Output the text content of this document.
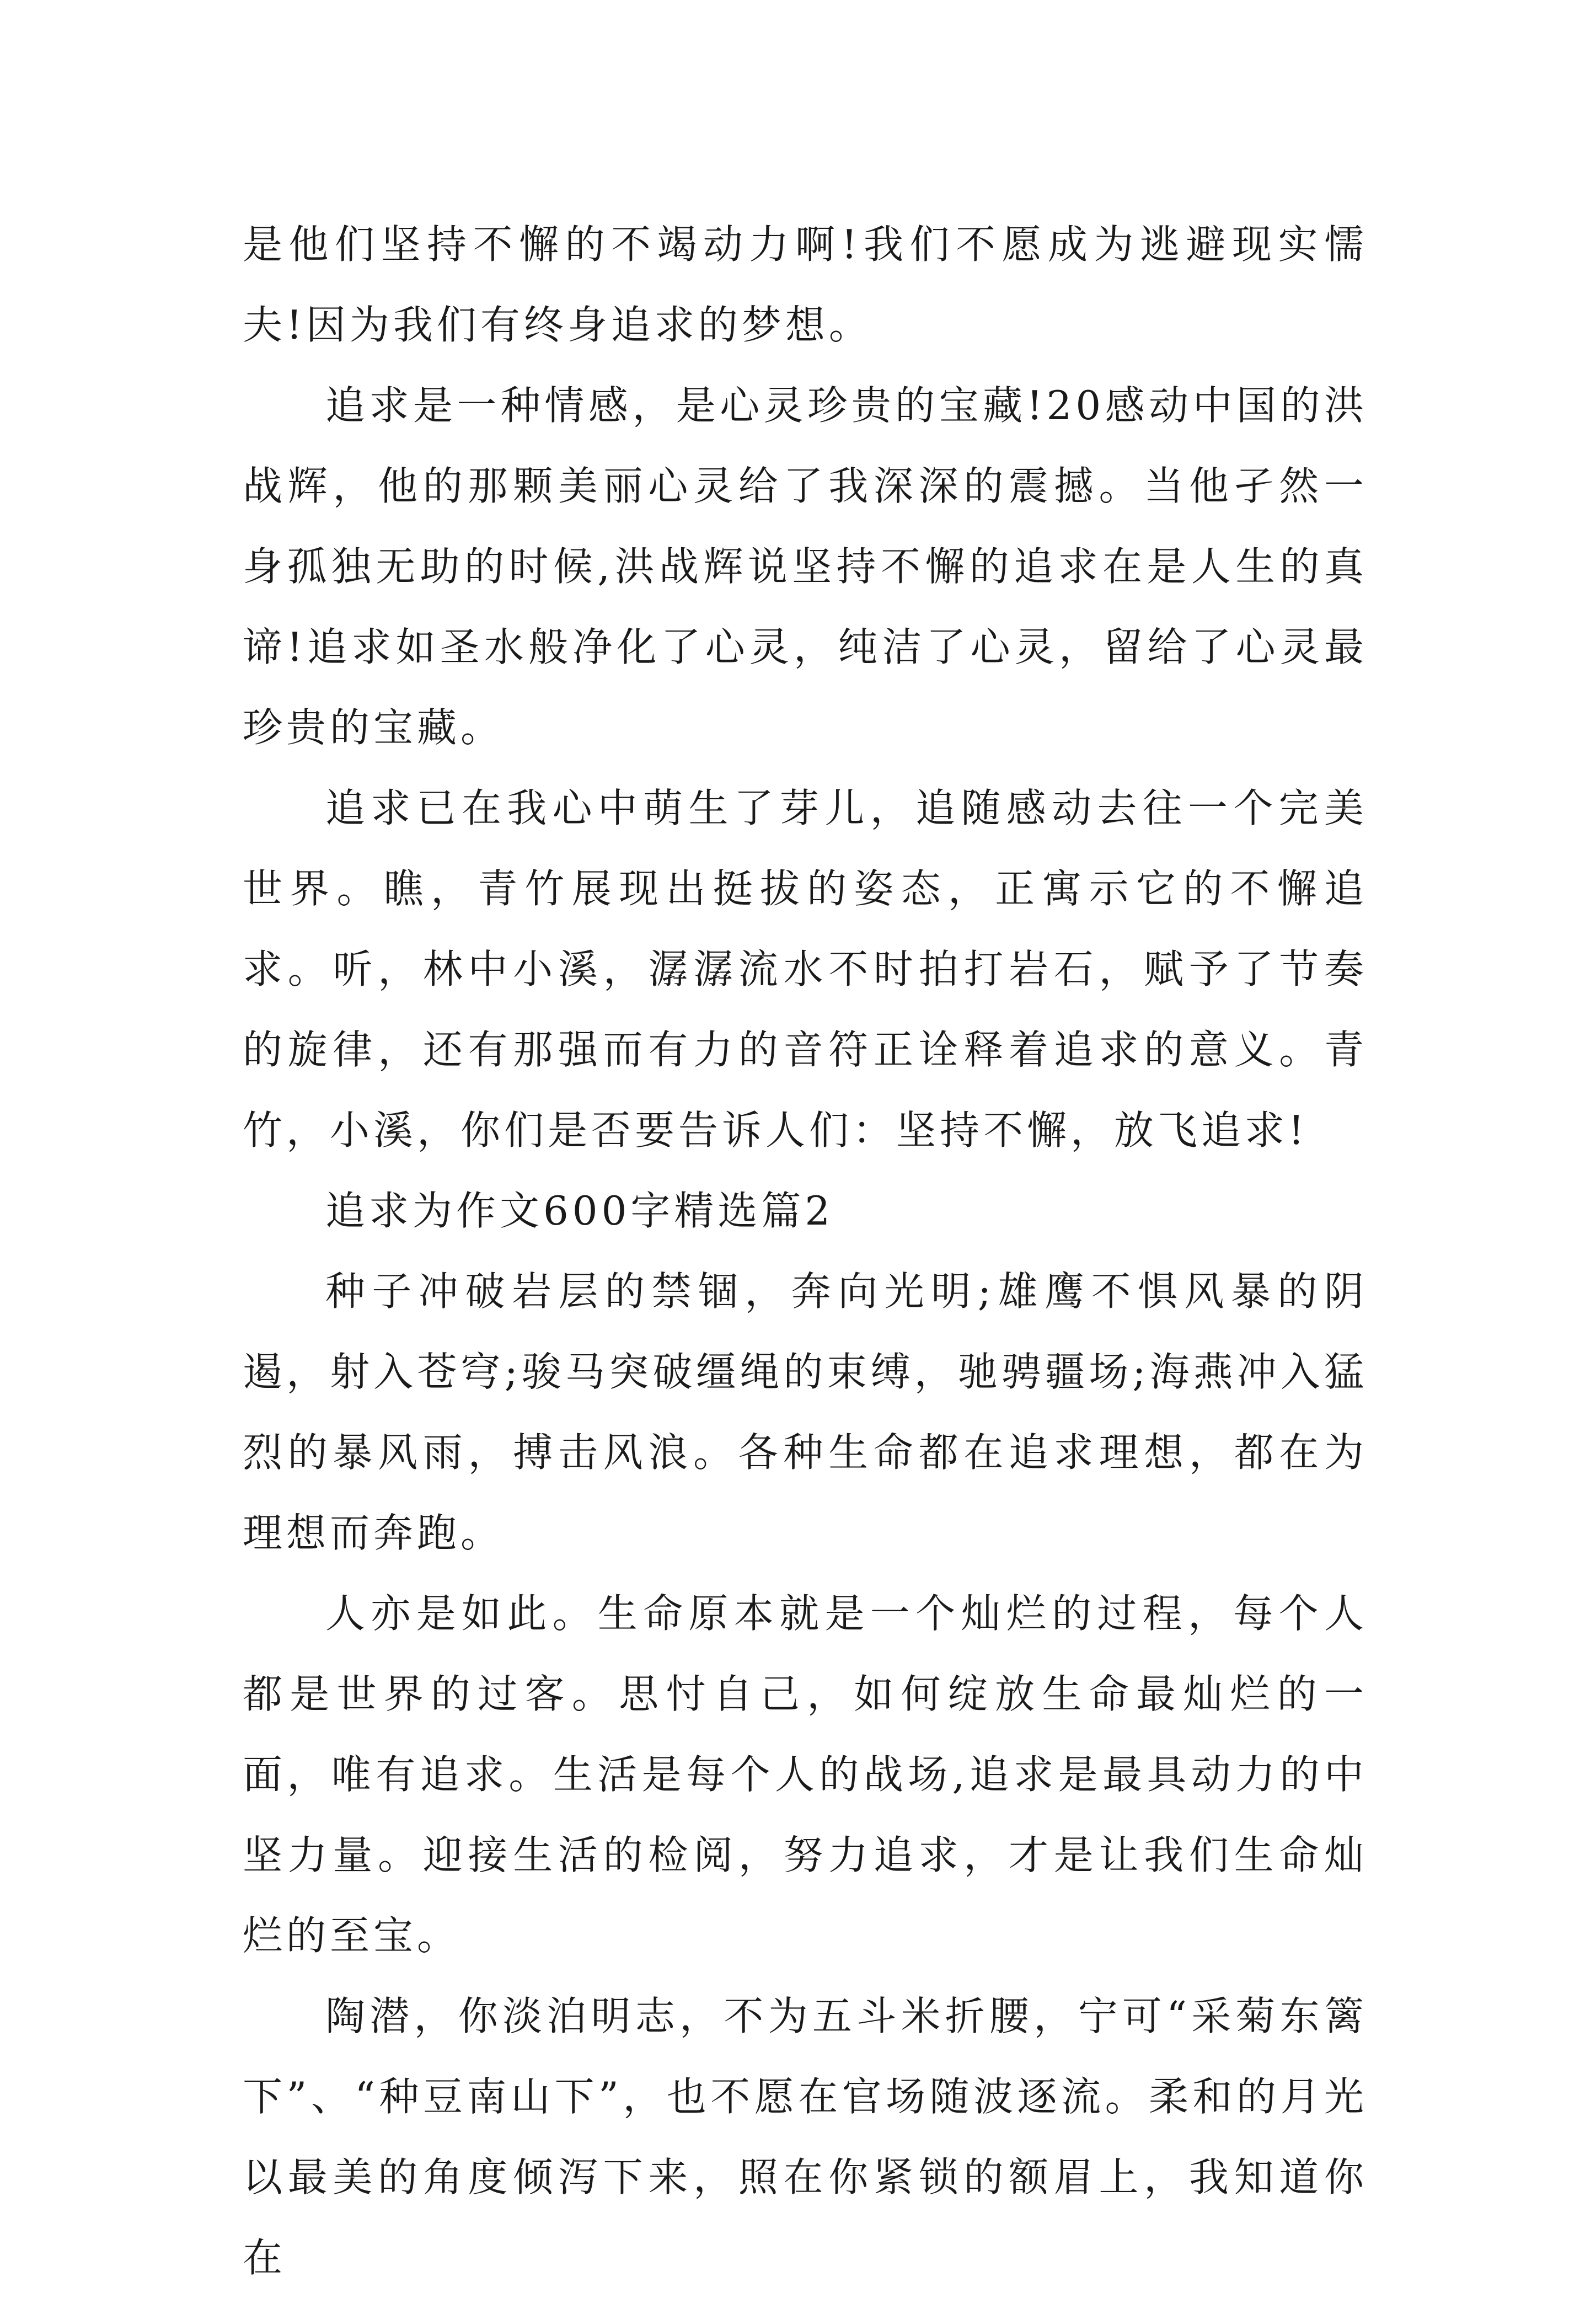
是他们坚持不懈的不竭动力啊!我们不愿成为逃避现实懦夫!因为我们有终身追求的梦想。

追求是一种情感，是心灵珍贵的宝藏!20感动中国的洪战辉，他的那颗美丽心灵给了我深深的震撼。当他孑然一身孤独无助的时候,洪战辉说坚持不懈的追求在是人生的真谛!追求如圣水般净化了心灵，纯洁了心灵，留给了心灵最珍贵的宝藏。

追求已在我心中萌生了芽儿，追随感动去往一个完美世界。瞧，青竹展现出挺拔的姿态，正寓示它的不懈追求。听，林中小溪，潺潺流水不时拍打岩石，赋予了节奏的旋律，还有那强而有力的音符正诠释着追求的意义。青竹，小溪，你们是否要告诉人们：坚持不懈，放飞追求!

追求为作文600字精选篇2

种子冲破岩层的禁锢，奔向光明;雄鹰不惧风暴的阴遏，射入苍穹;骏马突破缰绳的束缚，驰骋疆场;海燕冲入猛烈的暴风雨，搏击风浪。各种生命都在追求理想，都在为理想而奔跑。

人亦是如此。生命原本就是一个灿烂的过程，每个人都是世界的过客。思忖自己，如何绽放生命最灿烂的一面，唯有追求。生活是每个人的战场,追求是最具动力的中坚力量。迎接生活的检阅，努力追求，才是让我们生命灿烂的至宝。

陶潜，你淡泊明志，不为五斗米折腰，宁可“采菊东篱下”、“种豆南山下”，也不愿在官场随波逐流。柔和的月光以最美的角度倾泻下来，照在你紧锁的额眉上，我知道你在
